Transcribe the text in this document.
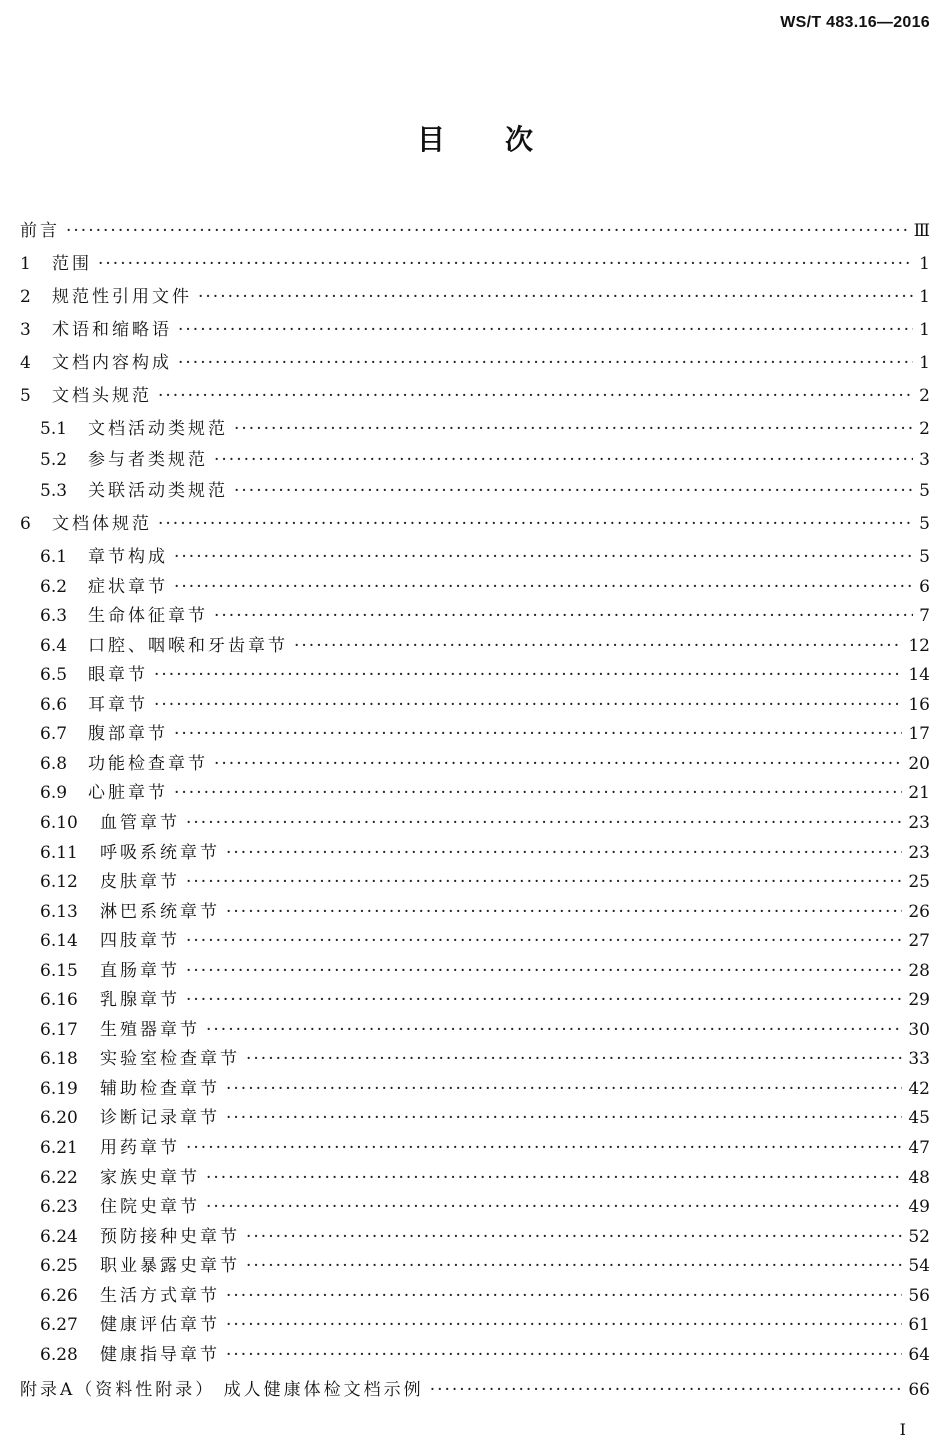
WS/T 483.16—2016
目次
前言 ·····	Ⅲ
1	范围 ·····	1
2	规范性引用文件 ·····	1
3	术语和缩略语 ·····	1
4	文档内容构成 ·····	1
5	文档头规范 ·····	2
5.1	文档活动类规范 ·····	2
5.2	参与者类规范 ·····	3
5.3	关联活动类规范 ·····	5
6	文档体规范 ·····	5
6.1	章节构成 ·····	5
6.2	症状章节 ·····	6
6.3	生命体征章节 ·····	7
6.4	口腔、咽喉和牙齿章节 ·····	12
6.5	眼章节 ·····	14
6.6	耳章节 ·····	16
6.7	腹部章节 ·····	17
6.8	功能检查章节 ·····	20
6.9	心脏章节 ·····	21
6.10	血管章节 ·····	23
6.11	呼吸系统章节 ·····	23
6.12	皮肤章节 ·····	25
6.13	淋巴系统章节 ·····	26
6.14	四肢章节 ·····	27
6.15	直肠章节 ·····	28
6.16	乳腺章节 ·····	29
6.17	生殖器章节 ·····	30
6.18	实验室检查章节 ·····	33
6.19	辅助检查章节 ·····	42
6.20	诊断记录章节 ·····	45
6.21	用药章节 ·····	47
6.22	家族史章节 ·····	48
6.23	住院史章节 ·····	49
6.24	预防接种史章节 ·····	52
6.25	职业暴露史章节 ·····	54
6.26	生活方式章节 ·····	56
6.27	健康评估章节 ·····	61
6.28	健康指导章节 ·····	64
附录A（资料性附录） 成人健康体检文档示例 ·····	66
Ⅰ
